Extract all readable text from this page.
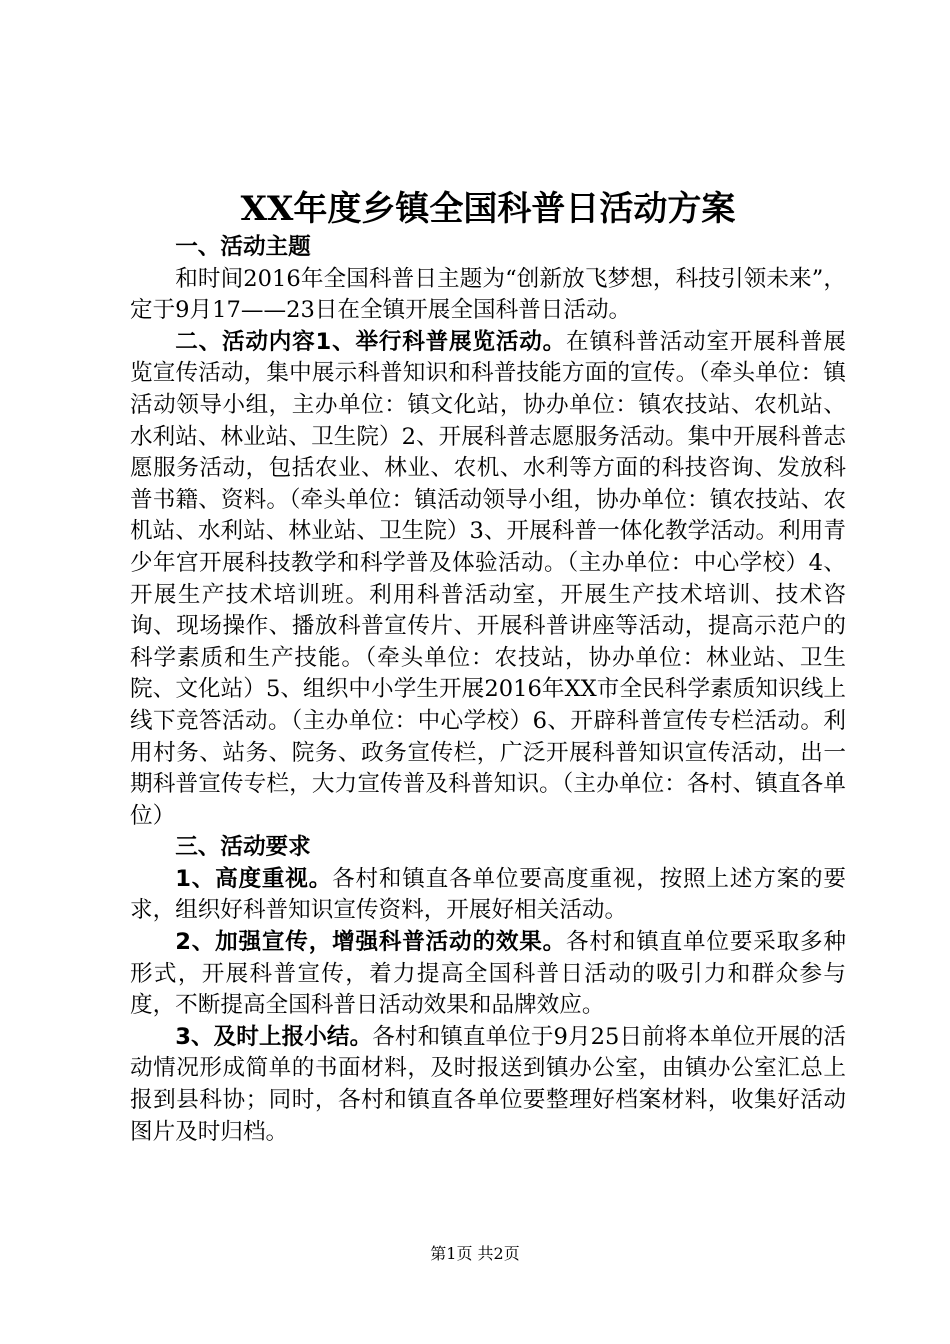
XX年度乡镇全国科普日活动方案

一、活动主题

和时间2016年全国科普日主题为“创新放飞梦想，科技引领未来”，定于9月17——23日在全镇开展全国科普日活动。

二、活动内容1、举行科普展览活动。在镇科普活动室开展科普展览宣传活动，集中展示科普知识和科普技能方面的宣传。（牵头单位：镇活动领导小组，主办单位：镇文化站，协办单位：镇农技站、农机站、水利站、林业站、卫生院）2、开展科普志愿服务活动。集中开展科普志愿服务活动，包括农业、林业、农机、水利等方面的科技咨询、发放科普书籍、资料。（牵头单位：镇活动领导小组，协办单位：镇农技站、农机站、水利站、林业站、卫生院）3、开展科普一体化教学活动。利用青少年宫开展科技教学和科学普及体验活动。（主办单位：中心学校）4、开展生产技术培训班。利用科普活动室，开展生产技术培训、技术咨询、现场操作、播放科普宣传片、开展科普讲座等活动，提高示范户的科学素质和生产技能。（牵头单位：农技站，协办单位：林业站、卫生院、文化站）5、组织中小学生开展2016年XX市全民科学素质知识线上线下竞答活动。（主办单位：中心学校）6、开辟科普宣传专栏活动。利用村务、站务、院务、政务宣传栏，广泛开展科普知识宣传活动，出一期科普宣传专栏，大力宣传普及科普知识。（主办单位：各村、镇直各单位）

三、活动要求

1、高度重视。各村和镇直各单位要高度重视，按照上述方案的要求，组织好科普知识宣传资料，开展好相关活动。

2、加强宣传，增强科普活动的效果。各村和镇直单位要采取多种形式，开展科普宣传，着力提高全国科普日活动的吸引力和群众参与度，不断提高全国科普日活动效果和品牌效应。

3、及时上报小结。各村和镇直单位于9月25日前将本单位开展的活动情况形成简单的书面材料，及时报送到镇办公室，由镇办公室汇总上报到县科协；同时，各村和镇直各单位要整理好档案材料，收集好活动图片及时归档。

第1页 共2页
